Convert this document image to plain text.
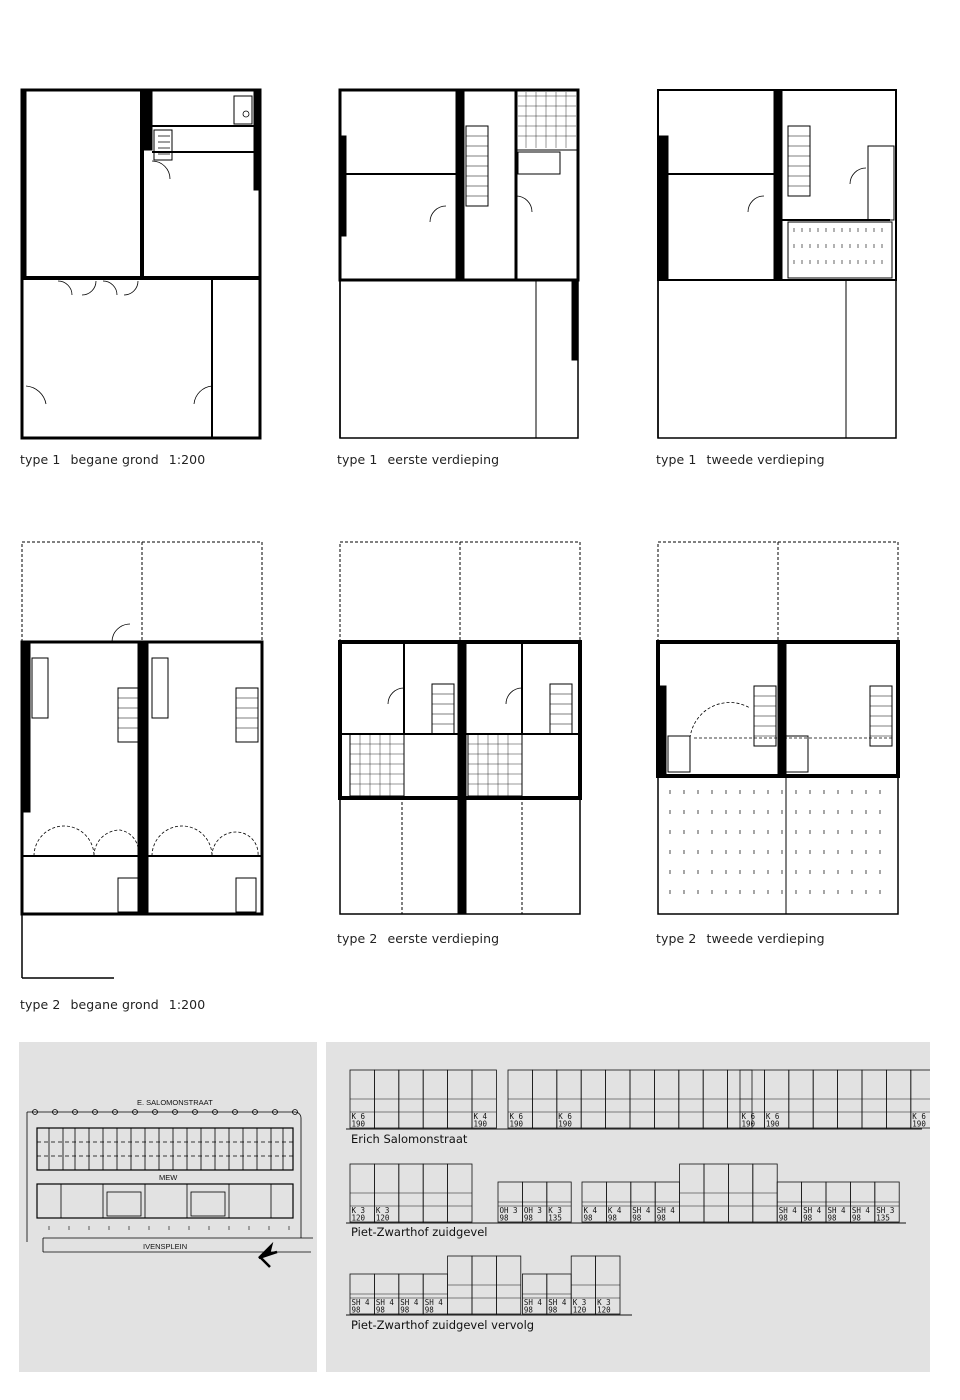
type 1 begane grond 1:200	type 1 eerste verdieping	type 1 tweede verdieping
type 2 eerste verdieping	type 2 tweede verdieping
type 2 begane grond 1:200
E. SALOMONSTRAAT
MEW
IVENSPLEIN
K 6
190
K 4
190
K 6
190
K 6
190
K 6
190
K 6
190
K 6
190
K 3
120
K 3
120
OH 3
98
OH 3
98
K 3
135
K 4
98
K 4
98
SH 4
98
SH 4
98
SH 4
98
SH 4
98
SH 4
98
SH 4
98
SH 3
135
SH 4
98
SH 4
98
SH 4
98
SH 4
98
SH 4
98
SH 4
98
K 3
120
K 3
120
Erich Salomonstraat
Piet-Zwarthof zuidgevel
Piet-Zwarthof zuidgevel vervolg
